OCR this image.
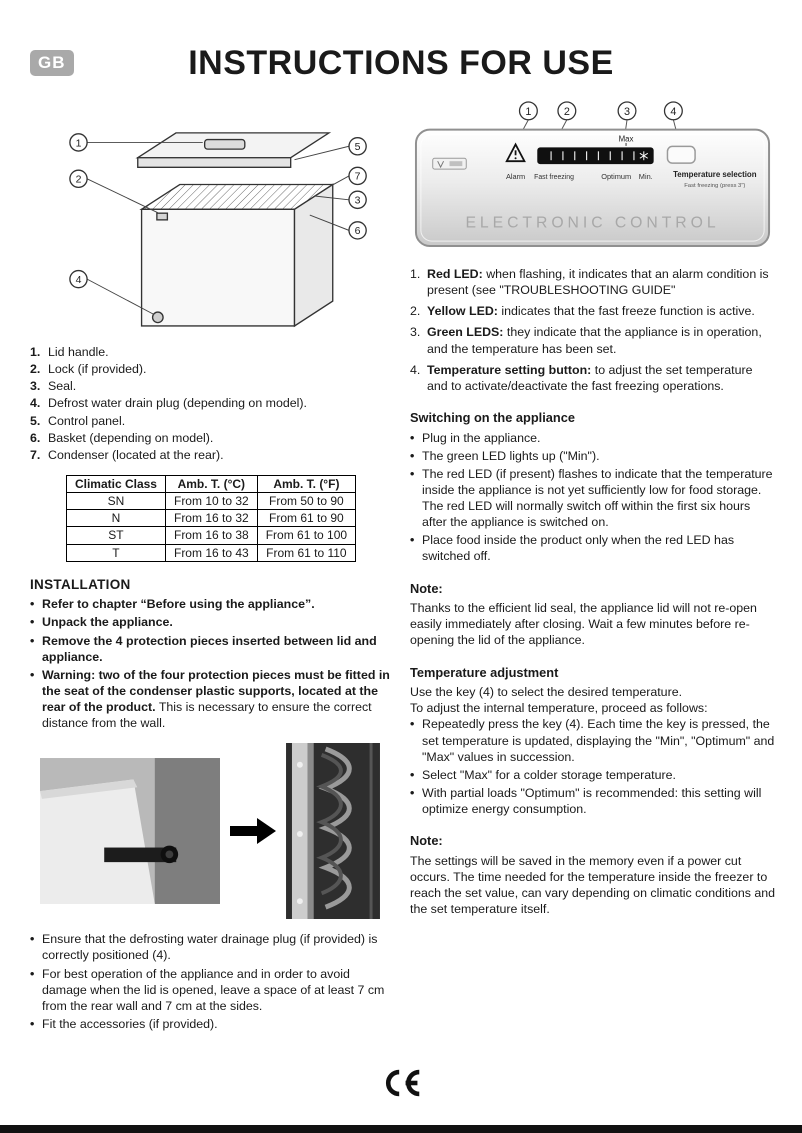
GB	INSTRUCTIONS FOR USE
1
2
4
5
7
3
6
1. Lid handle.
2. Lock (if provided).
3. Seal.
4. Defrost water drain plug (depending on model).
5. Control panel.
6. Basket (depending on model).
7. Condenser (located at the rear).
Climatic Class	Amb. T. (°C)	Amb. T. (°F)
SN	From 10 to 32	From 50 to 90
N	From 16 to 32	From 61 to 90
ST	From 16 to 38	From 61 to 100
T	From 16 to 43	From 61 to 110
INSTALLATION
• Refer to chapter “Before using the appliance”.
• Unpack the appliance.
• Remove the 4 protection pieces inserted between lid and appliance.
• Warning: two of the four protection pieces must be fitted in the seat of the condenser plastic supports, located at the rear of the product. This is necessary to ensure the correct distance from the wall.
• Ensure that the defrosting water drainage plug (if provided) is correctly positioned (4).
• For best operation of the appliance and in order to avoid damage when the lid is opened, leave a space of at least 7 cm from the rear wall and 7 cm at the sides.
• Fit the accessories (if provided).
Max
Alarm Fast freezing	Optimum Min.	Temperature selection
Fast freezing (press 3")
ELECTRONIC CONTROL
1	2	3	4
1. Red LED: when flashing, it indicates that an alarm condition is present (see "TROUBLESHOOTING GUIDE"
2. Yellow LED: indicates that the fast freeze function is active.
3. Green LEDS: they indicate that the appliance is in operation, and the temperature has been set.
4. Temperature setting button: to adjust the set temperature and to activate/deactivate the fast freezing operations.
Switching on the appliance
• Plug in the appliance.
• The green LED lights up ("Min").
• The red LED (if present) flashes to indicate that the temperature inside the appliance is not yet sufficiently low for food storage. The red LED will normally switch off within the first six hours after the appliance is switched on.
• Place food inside the product only when the red LED has switched off.
Note:

Thanks to the efficient lid seal, the appliance lid will not re-open easily immediately after closing. Wait a few minutes before re-opening the lid of the appliance.

Temperature adjustment

Use the key (4) to select the desired temperature.

To adjust the internal temperature, proceed as follows:

• Repeatedly press the key (4). Each time the key is pressed, the set temperature is updated, displaying the "Min", "Optimum" and "Max" values in succession.
• Select "Max" for a colder storage temperature.
• With partial loads "Optimum" is recommended: this setting will optimize energy consumption.
Note:

The settings will be saved in the memory even if a power cut occurs. The time needed for the temperature inside the freezer to reach the set value, can vary depending on climatic conditions and the set temperature itself.
